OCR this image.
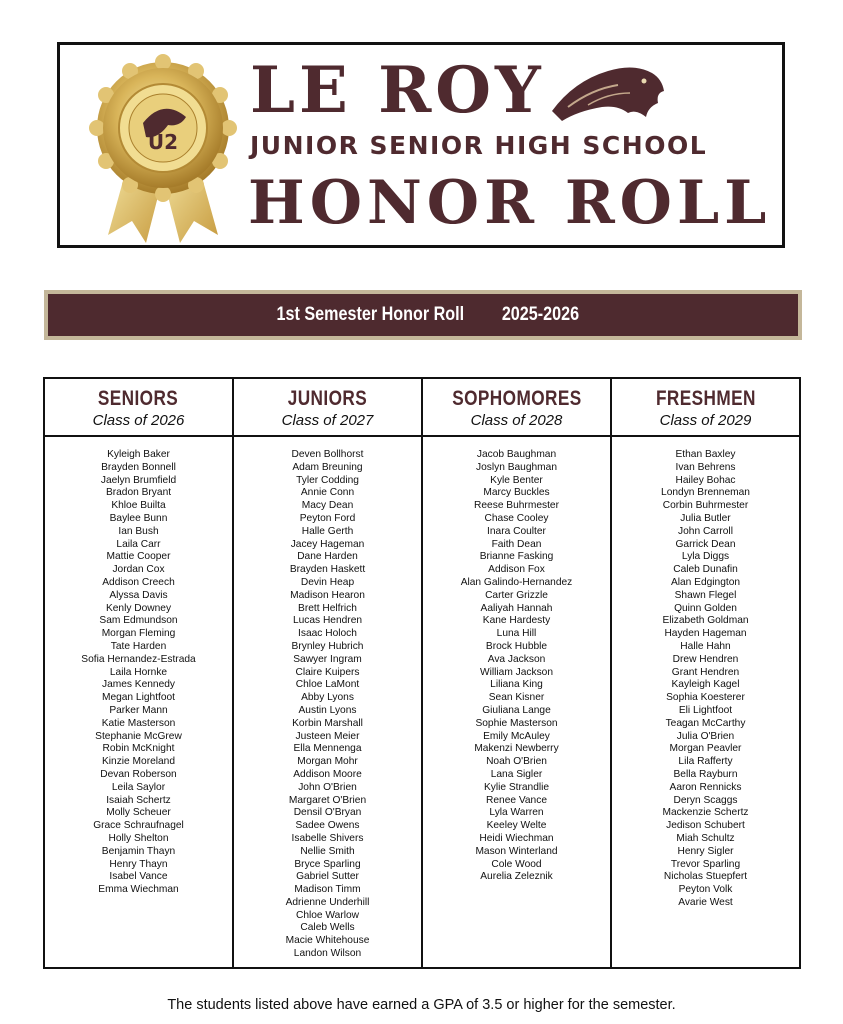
U2
LE ROY
JUNIOR SENIOR HIGH SCHOOL
HONOR ROLL
1st Semester Honor Roll 2025-2026
SENIORS
Class of 2026
Kyleigh Baker
Brayden Bonnell
Jaelyn Brumfield
Bradon Bryant
Khloe Builta
Baylee Bunn
Ian Bush
Laila Carr
Mattie Cooper
Jordan Cox
Addison Creech
Alyssa Davis
Kenly Downey
Sam Edmundson
Morgan Fleming
Tate Harden
Sofia Hernandez-Estrada
Laila Hornke
James Kennedy
Megan Lightfoot
Parker Mann
Katie Masterson
Stephanie McGrew
Robin McKnight
Kinzie Moreland
Devan Roberson
Leila Saylor
Isaiah Schertz
Molly Scheuer
Grace Schraufnagel
Holly Shelton
Benjamin Thayn
Henry Thayn
Isabel Vance
Emma Wiechman
JUNIORS
Class of 2027
Deven Bollhorst
Adam Breuning
Tyler Codding
Annie Conn
Macy Dean
Peyton Ford
Halle Gerth
Jacey Hageman
Dane Harden
Brayden Haskett
Devin Heap
Madison Hearon
Brett Helfrich
Lucas Hendren
Isaac Holoch
Brynley Hubrich
Sawyer Ingram
Claire Kuipers
Chloe LaMont
Abby Lyons
Austin Lyons
Korbin Marshall
Justeen Meier
Ella Mennenga
Morgan Mohr
Addison Moore
John O'Brien
Margaret O'Brien
Densil O'Bryan
Sadee Owens
Isabelle Shivers
Nellie Smith
Bryce Sparling
Gabriel Sutter
Madison Timm
Adrienne Underhill
Chloe Warlow
Caleb Wells
Macie Whitehouse
Landon Wilson
SOPHOMORES
Class of 2028
Jacob Baughman
Joslyn Baughman
Kyle Benter
Marcy Buckles
Reese Buhrmester
Chase Cooley
Inara Coulter
Faith Dean
Brianne Fasking
Addison Fox
Alan Galindo-Hernandez
Carter Grizzle
Aaliyah Hannah
Kane Hardesty
Luna Hill
Brock Hubble
Ava Jackson
William Jackson
Liliana King
Sean Kisner
Giuliana Lange
Sophie Masterson
Emily McAuley
Makenzi Newberry
Noah O'Brien
Lana Sigler
Kylie Strandlie
Renee Vance
Lyla Warren
Keeley Welte
Heidi Wiechman
Mason Winterland
Cole Wood
Aurelia Zeleznik
FRESHMEN
Class of 2029
Ethan Baxley
Ivan Behrens
Hailey Bohac
Londyn Brenneman
Corbin Buhrmester
Julia Butler
John Carroll
Garrick Dean
Lyla Diggs
Caleb Dunafin
Alan Edgington
Shawn Flegel
Quinn Golden
Elizabeth Goldman
Hayden Hageman
Halle Hahn
Drew Hendren
Grant Hendren
Kayleigh Kagel
Sophia Koesterer
Eli Lightfoot
Teagan McCarthy
Julia O'Brien
Morgan Peavler
Lila Rafferty
Bella Rayburn
Aaron Rennicks
Deryn Scaggs
Mackenzie Schertz
Jedison Schubert
Miah Schultz
Henry Sigler
Trevor Sparling
Nicholas Stuepfert
Peyton Volk
Avarie West
The students listed above have earned a GPA of 3.5 or higher for the semester.
